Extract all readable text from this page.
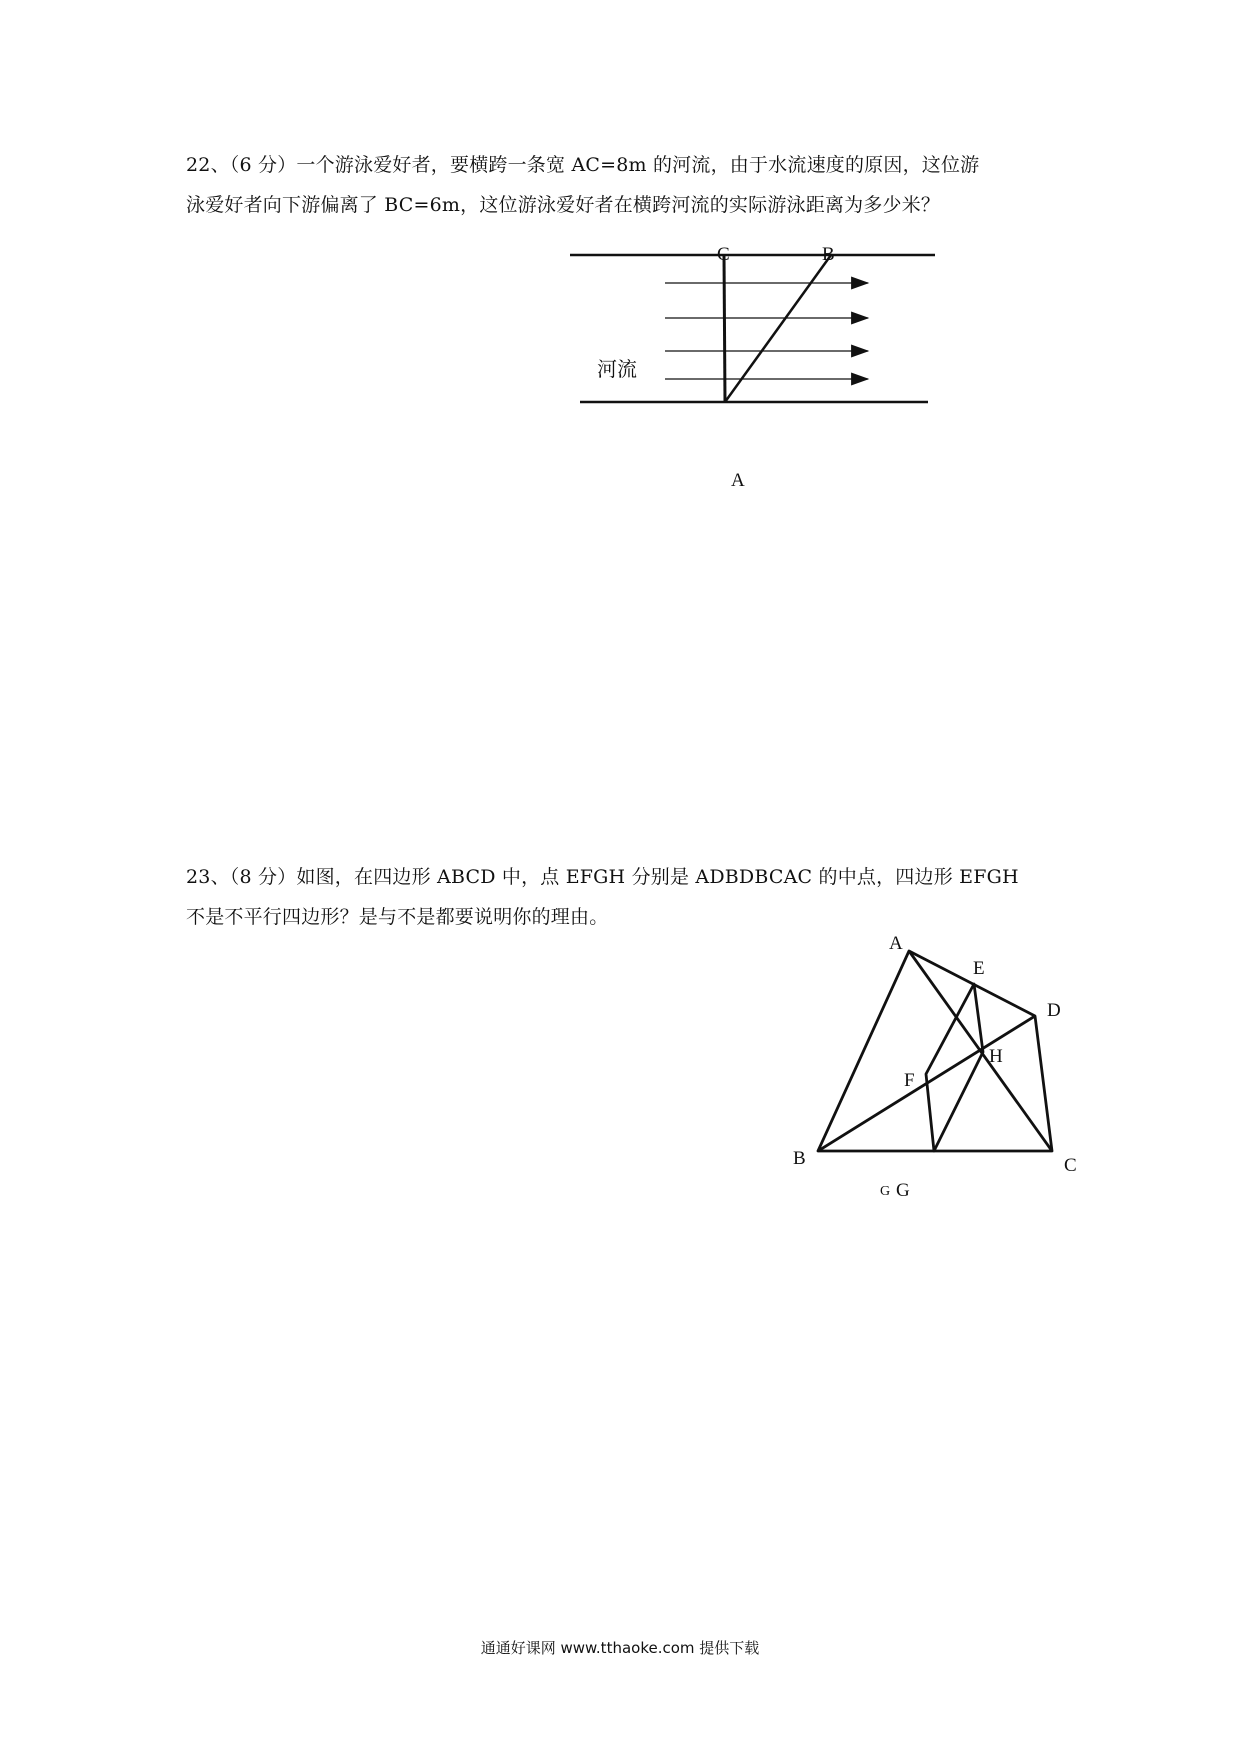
22、（6 分）一个游泳爱好者，要横跨一条宽 AC=8m 的河流，由于水流速度的原因，这位游
泳爱好者向下游偏离了 BC=6m，这位游泳爱好者在横跨河流的实际游泳距离为多少米？
C	B
A
河流
23、（8 分）如图，在四边形 ABCD 中，点 EFGH 分别是 ADBDBCAC 的中点，四边形 EFGH
不是不平行四边形？是与不是都要说明你的理由。
A
E
D
H
F
B	C
G G
通通好课网 www.tthaoke.com 提供下载
